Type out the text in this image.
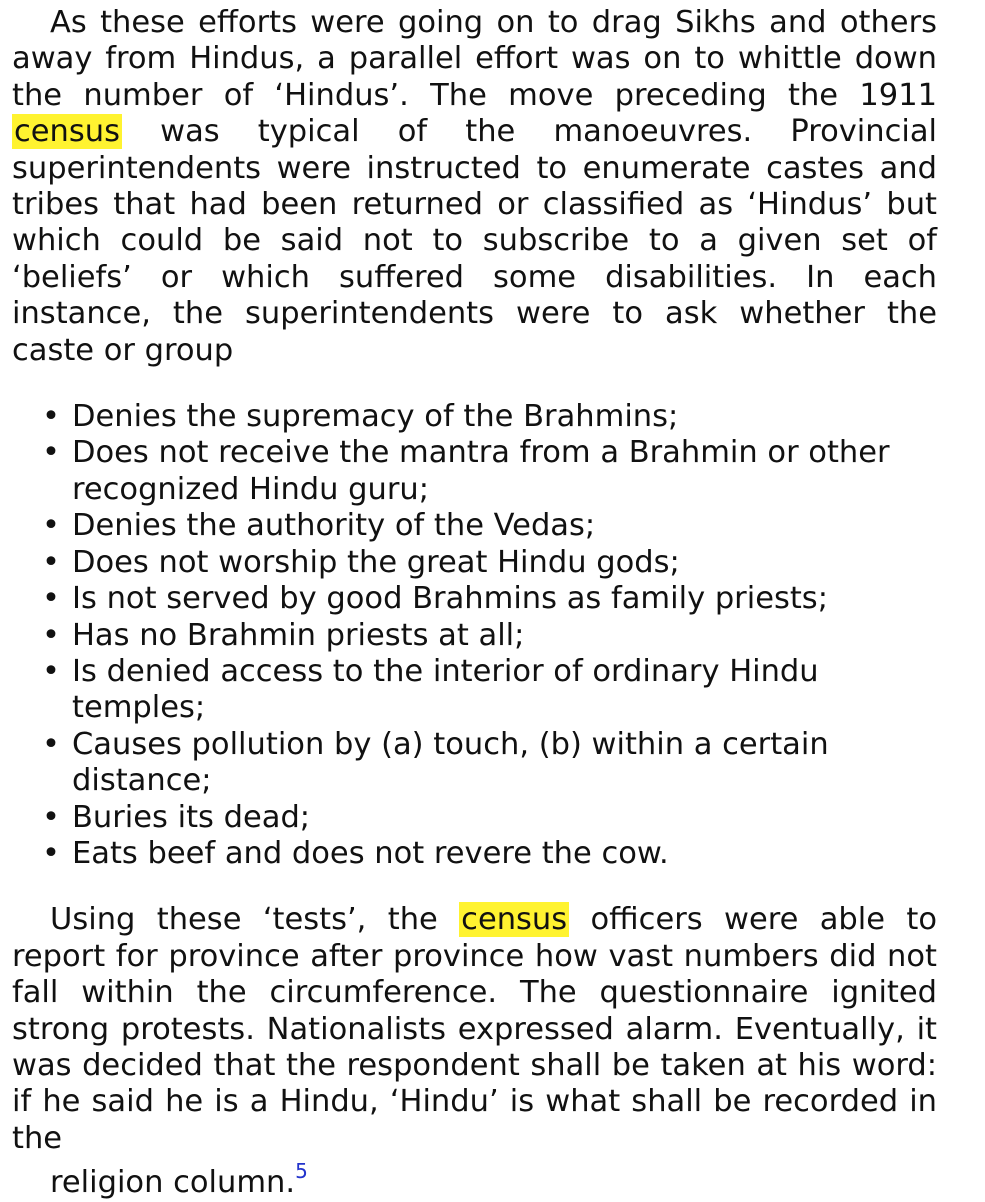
As these efforts were going on to drag Sikhs and others away from Hindus, a parallel effort was on to whittle down the number of ‘Hindus’. The move preceding the 1911 census was typical of the manoeuvres. Provincial superintendents were instructed to enumerate castes and tribes that had been returned or classified as ‘Hindus’ but which could be said not to subscribe to a given set of ‘beliefs’ or which suffered some disabilities. In each instance, the superintendents were to ask whether the caste or group

• Denies the supremacy of the Brahmins;
• Does not receive the mantra from a Brahmin or other recognized Hindu guru;
• Denies the authority of the Vedas;
• Does not worship the great Hindu gods;
• Is not served by good Brahmins as family priests;
• Has no Brahmin priests at all;
• Is denied access to the interior of ordinary Hindu temples;
• Causes pollution by (a) touch, (b) within a certain distance;
• Buries its dead;
• Eats beef and does not revere the cow.

Using these ‘tests’, the census officers were able to report for province after province how vast numbers did not fall within the circumference. The questionnaire ignited strong protests. Nationalists expressed alarm. Eventually, it was decided that the respondent shall be taken at his word: if he said he is a Hindu, ‘Hindu’ is what shall be recorded in the
religion column.$^5$
